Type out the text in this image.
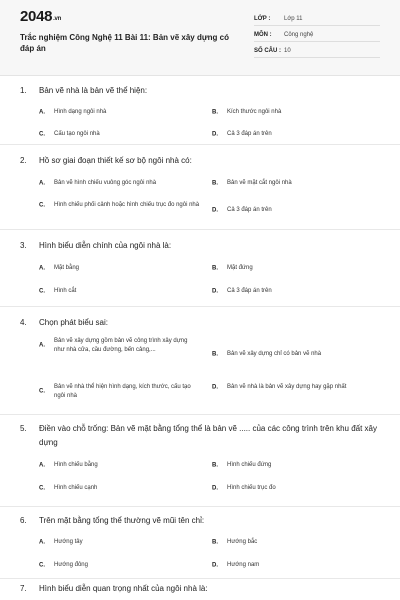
2048.vn
Trắc nghiệm Công Nghệ 11 Bài 11: Bản vẽ xây dựng có đáp án
LỚP : Lớp 11
MÔN : Công nghệ
SỐ CÂU : 10
1. Bản vẽ nhà là bản vẽ thể hiện:
A. Hình dạng ngôi nhà	B. Kích thước ngôi nhà
C. Cấu tạo ngôi nhà	D. Cả 3 đáp án trên
2. Hồ sơ giai đoạn thiết kế sơ bộ ngôi nhà có:
A. Bản vẽ hình chiếu vuông góc ngôi nhà	B. Bản vẽ mặt cắt ngôi nhà
C. Hình chiếu phối cảnh hoặc hình chiếu trục đo ngôi nhà
D. Cả 3 đáp án trên
3. Hình biểu diễn chính của ngôi nhà là:
A. Mặt bằng	B. Mặt đứng
C. Hình cắt	D. Cả 3 đáp án trên
4. Chọn phát biểu sai:
A.
Bản vẽ xây dựng gồm bản vẽ công trình xây dựng như nhà cửa, cầu đường, bến cảng,...
B. Bản vẽ xây dựng chỉ có bản vẽ nhà
C.
Bản vẽ nhà thể hiện hình dạng, kích thước, cấu tạo ngôi nhà
D. Bản vẽ nhà là bản vẽ xây dựng hay gặp nhất
5. Điền vào chỗ trống: Bản vẽ mặt bằng tổng thể là bản vẽ ..... của các công trình trên khu đất xây dựng
A. Hình chiếu bằng	B. Hình chiếu đứng
C. Hình chiếu cạnh	D. Hình chiếu trục đo
6. Trên mặt bằng tổng thể thường vẽ mũi tên chỉ:
A. Hướng tây	B. Hướng bắc
C. Hướng đông	D. Hướng nam
7. Hình biểu diễn quan trọng nhất của ngôi nhà là:
